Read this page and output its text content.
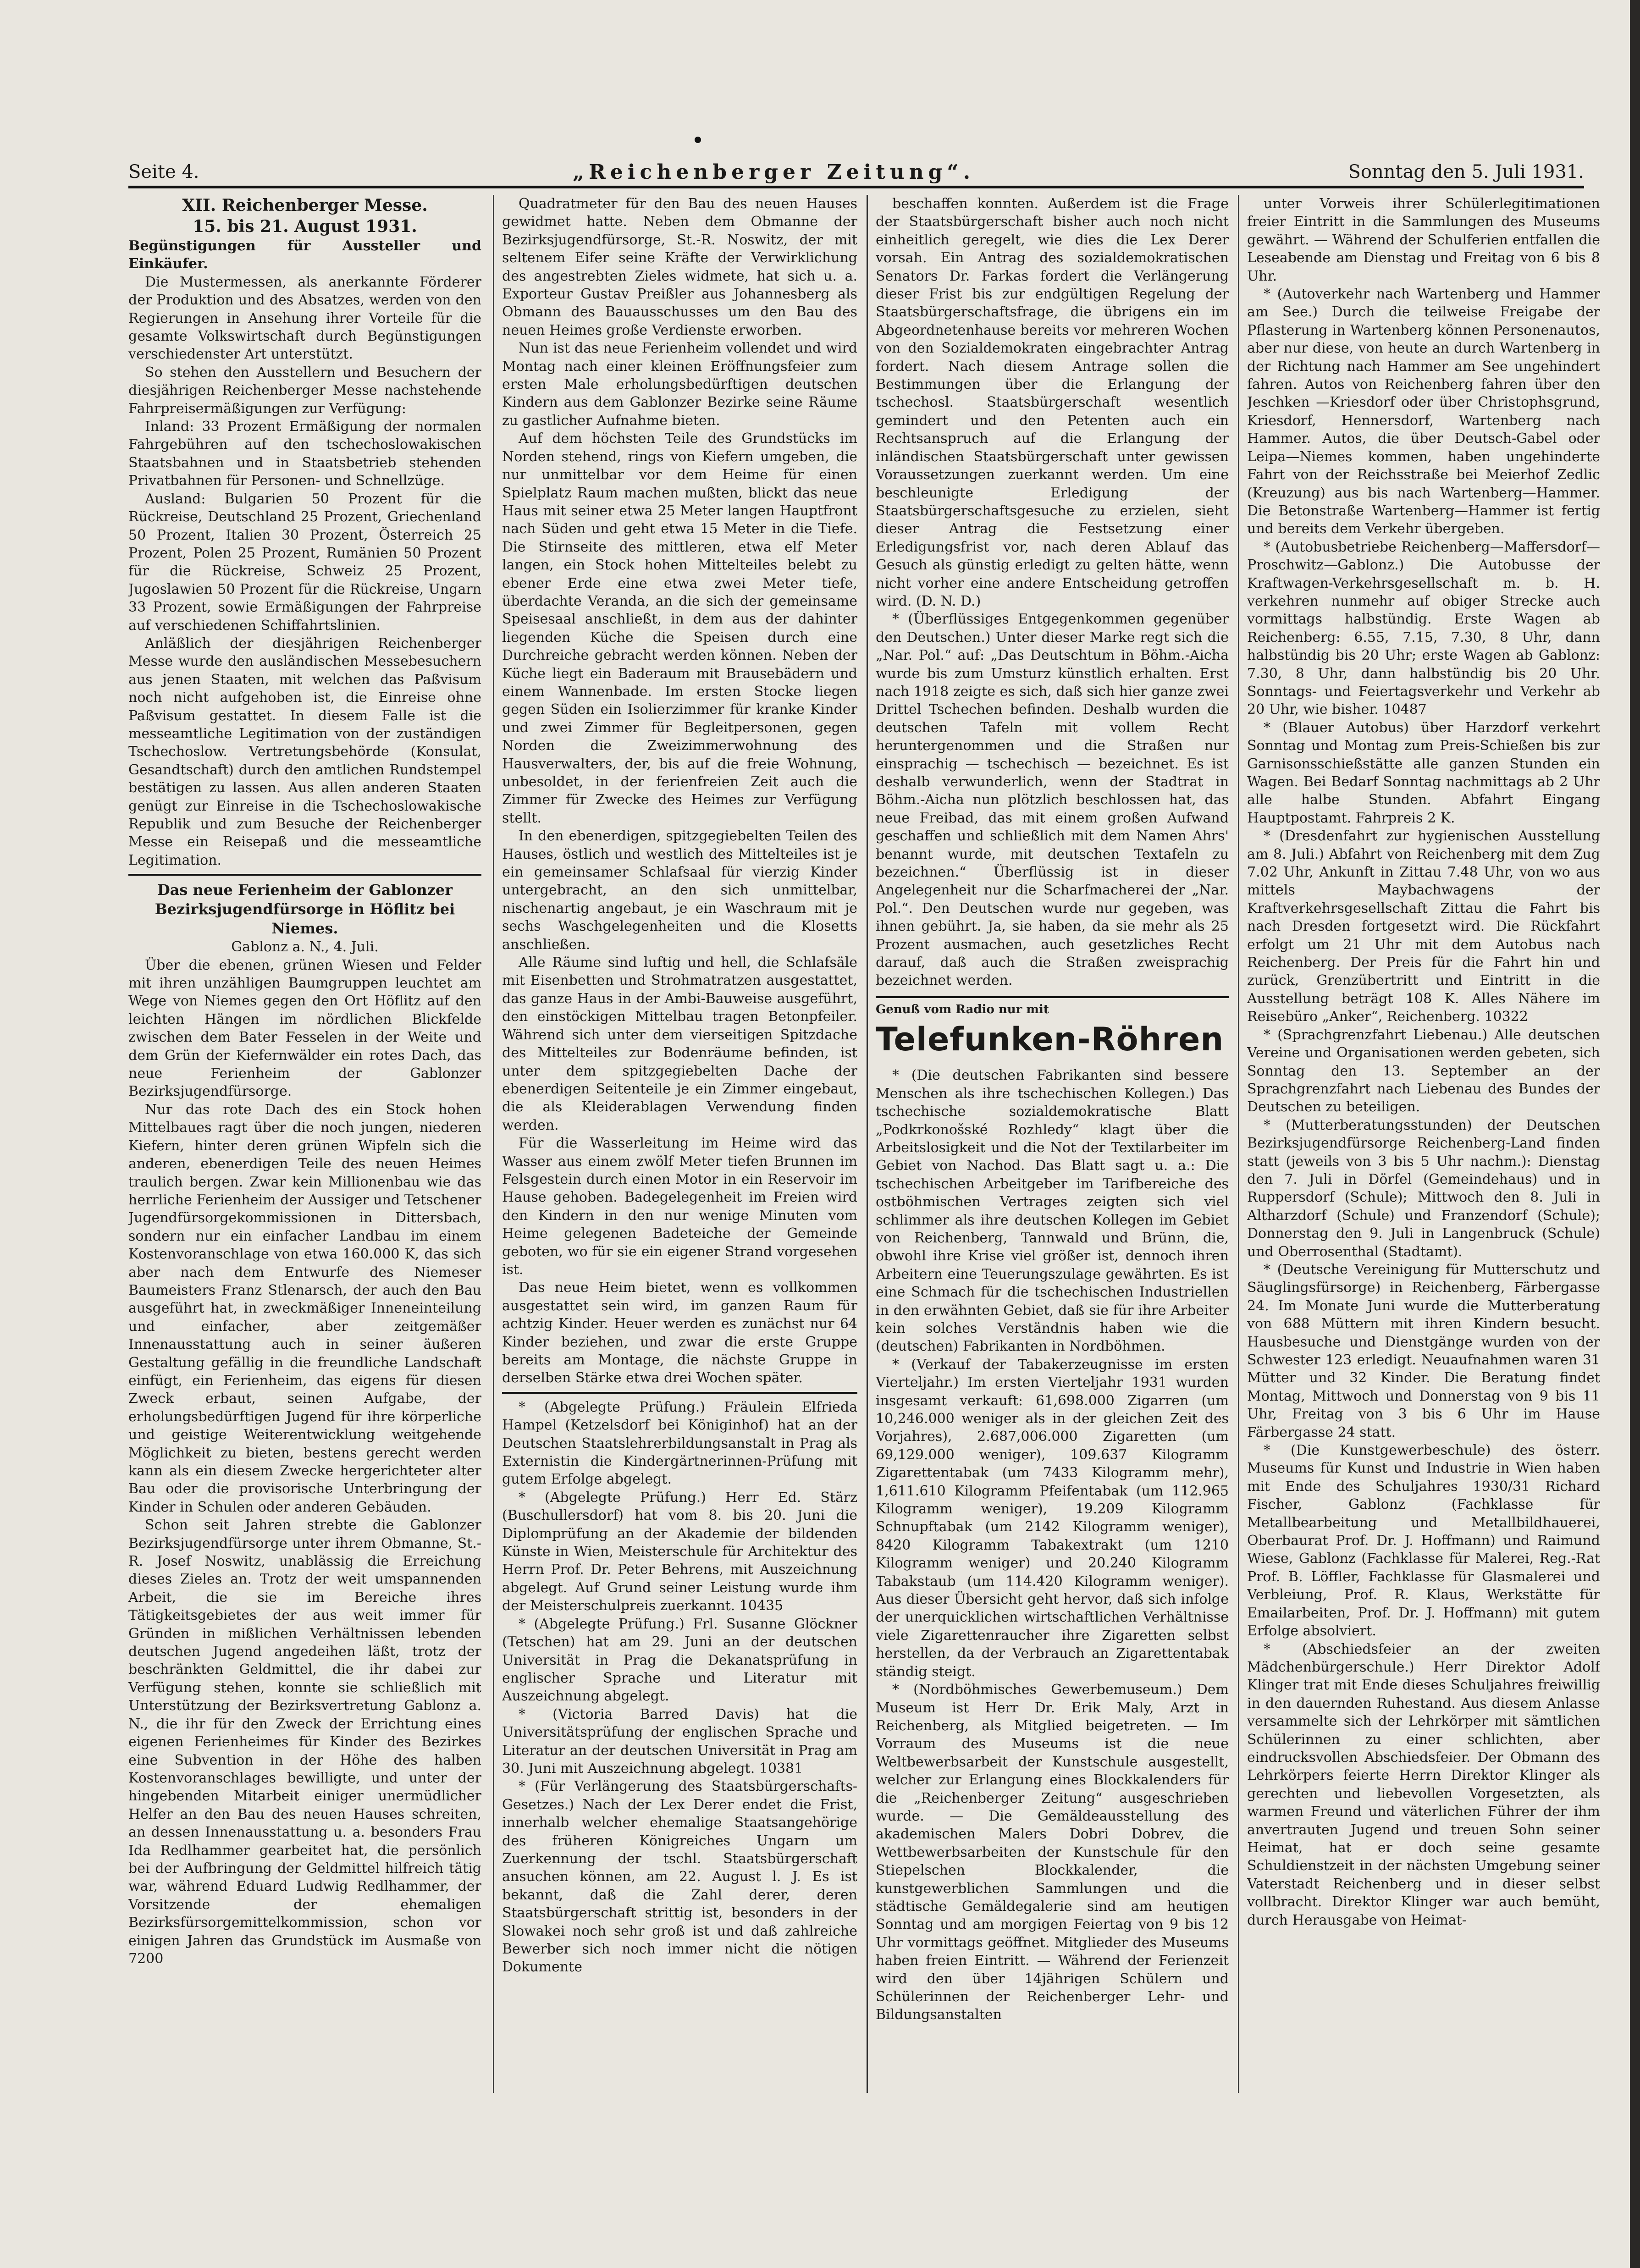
Seite 4.	„Reichenberger Zeitung“.	Sonntag den 5. Juli 1931.
XII. Reichenberger Messe.
15. bis 21. August 1931.

Begünstigungen für Aussteller und Einkäufer.

Die Mustermessen, als anerkannte Förderer der Produktion und des Absatzes, werden von den Regierungen in Ansehung ihrer Vorteile für die gesamte Volkswirtschaft durch Begünstigungen verschiedenster Art unterstützt.

So stehen den Ausstellern und Besuchern der diesjährigen Reichenberger Messe nachstehende Fahrpreisermäßigungen zur Verfügung:

Inland: 33 Prozent Ermäßigung der normalen Fahrgebühren auf den tschechoslowakischen Staatsbahnen und in Staatsbetrieb stehenden Privatbahnen für Personen- und Schnellzüge.

Ausland: Bulgarien 50 Prozent für die Rückreise, Deutschland 25 Prozent, Griechenland 50 Prozent, Italien 30 Prozent, Österreich 25 Prozent, Polen 25 Prozent, Rumänien 50 Prozent für die Rückreise, Schweiz 25 Prozent, Jugoslawien 50 Prozent für die Rückreise, Ungarn 33 Prozent, sowie Ermäßigungen der Fahrpreise auf verschiedenen Schiffahrtslinien.

Anläßlich der diesjährigen Reichenberger Messe wurde den ausländischen Messebesuchern aus jenen Staaten, mit welchen das Paßvisum noch nicht aufgehoben ist, die Einreise ohne Paßvisum gestattet. In diesem Falle ist die messeamtliche Legitimation von der zuständigen Tschechoslow. Vertretungsbehörde (Konsulat, Gesandtschaft) durch den amtlichen Rundstempel bestätigen zu lassen. Aus allen anderen Staaten genügt zur Einreise in die Tschechoslowakische Republik und zum Besuche der Reichenberger Messe ein Reisepaß und die messeamtliche Legitimation.

Das neue Ferienheim der Gablonzer Bezirksjugendfürsorge in Höflitz bei Niemes.

Gablonz a. N., 4. Juli.

Über die ebenen, grünen Wiesen und Felder mit ihren unzähligen Baumgruppen leuchtet am Wege von Niemes gegen den Ort Höflitz auf den leichten Hängen im nördlichen Blickfelde zwischen dem Bater Fesselen in der Weite und dem Grün der Kiefernwälder ein rotes Dach, das neue Ferienheim der Gablonzer Bezirksjugendfürsorge.

Nur das rote Dach des ein Stock hohen Mittelbaues ragt über die noch jungen, niederen Kiefern, hinter deren grünen Wipfeln sich die anderen, ebenerdigen Teile des neuen Heimes traulich bergen. Zwar kein Millionenbau wie das herrliche Ferienheim der Aussiger und Tetschener Jugendfürsorgekommissionen in Dittersbach, sondern nur ein einfacher Landbau im einem Kostenvoranschlage von etwa 160.000 K, das sich aber nach dem Entwurfe des Niemeser Baumeisters Franz Stlenarsch, der auch den Bau ausgeführt hat, in zweckmäßiger Inneneinteilung und einfacher, aber zeitgemäßer Innenausstattung auch in seiner äußeren Gestaltung gefällig in die freundliche Landschaft einfügt, ein Ferienheim, das eigens für diesen Zweck erbaut, seinen Aufgabe, der erholungsbedürftigen Jugend für ihre körperliche und geistige Weiterentwicklung weitgehende Möglichkeit zu bieten, bestens gerecht werden kann als ein diesem Zwecke hergerichteter alter Bau oder die provisorische Unterbringung der Kinder in Schulen oder anderen Gebäuden.

Schon seit Jahren strebte die Gablonzer Bezirksjugendfürsorge unter ihrem Obmanne, St.-R. Josef Noswitz, unablässig die Erreichung dieses Zieles an. Trotz der weit umspannenden Arbeit, die sie im Bereiche ihres Tätigkeitsgebietes der aus weit immer für Gründen in mißlichen Verhältnissen lebenden deutschen Jugend angedeihen läßt, trotz der beschränkten Geldmittel, die ihr dabei zur Verfügung stehen, konnte sie schließlich mit Unterstützung der Bezirksvertretung Gablonz a. N., die ihr für den Zweck der Errichtung eines eigenen Ferienheimes für Kinder des Bezirkes eine Subvention in der Höhe des halben Kostenvoranschlages bewilligte, und unter der hingebenden Mitarbeit einiger unermüdlicher Helfer an den Bau des neuen Hauses schreiten, an dessen Innenausstattung u. a. besonders Frau Ida Redlhammer gearbeitet hat, die persönlich bei der Aufbringung der Geldmittel hilfreich tätig war, während Eduard Ludwig Redlhammer, der Vorsitzende der ehemaligen Bezirksfürsorgemittelkommission, schon vor einigen Jahren das Grundstück im Ausmaße von 7200

Quadratmeter für den Bau des neuen Hauses gewidmet hatte. Neben dem Obmanne der Bezirksjugendfürsorge, St.-R. Noswitz, der mit seltenem Eifer seine Kräfte der Verwirklichung des angestrebten Zieles widmete, hat sich u. a. Exporteur Gustav Preißler aus Johannesberg als Obmann des Bauausschusses um den Bau des neuen Heimes große Verdienste erworben.

Nun ist das neue Ferienheim vollendet und wird Montag nach einer kleinen Eröffnungsfeier zum ersten Male erholungsbedürftigen deutschen Kindern aus dem Gablonzer Bezirke seine Räume zu gastlicher Aufnahme bieten.

Auf dem höchsten Teile des Grundstücks im Norden stehend, rings von Kiefern umgeben, die nur unmittelbar vor dem Heime für einen Spielplatz Raum machen mußten, blickt das neue Haus mit seiner etwa 25 Meter langen Hauptfront nach Süden und geht etwa 15 Meter in die Tiefe. Die Stirnseite des mittleren, etwa elf Meter langen, ein Stock hohen Mittelteiles belebt zu ebener Erde eine etwa zwei Meter tiefe, überdachte Veranda, an die sich der gemeinsame Speisesaal anschließt, in dem aus der dahinter liegenden Küche die Speisen durch eine Durchreiche gebracht werden können. Neben der Küche liegt ein Baderaum mit Brausebädern und einem Wannenbade. Im ersten Stocke liegen gegen Süden ein Isolierzimmer für kranke Kinder und zwei Zimmer für Begleitpersonen, gegen Norden die Zweizimmerwohnung des Hausverwalters, der, bis auf die freie Wohnung, unbesoldet, in der ferienfreien Zeit auch die Zimmer für Zwecke des Heimes zur Verfügung stellt.

In den ebenerdigen, spitzgegiebelten Teilen des Hauses, östlich und westlich des Mittelteiles ist je ein gemeinsamer Schlafsaal für vierzig Kinder untergebracht, an den sich unmittelbar, nischenartig angebaut, je ein Waschraum mit je sechs Waschgelegenheiten und die Klosetts anschließen.

Alle Räume sind luftig und hell, die Schlafsäle mit Eisenbetten und Strohmatratzen ausgestattet, das ganze Haus in der Ambi-Bauweise ausgeführt, den einstöckigen Mittelbau tragen Betonpfeiler. Während sich unter dem vierseitigen Spitzdache des Mittelteiles zur Bodenräume befinden, ist unter dem spitzgegiebelten Dache der ebenerdigen Seitenteile je ein Zimmer eingebaut, die als Kleiderablagen Verwendung finden werden.

Für die Wasserleitung im Heime wird das Wasser aus einem zwölf Meter tiefen Brunnen im Felsgestein durch einen Motor in ein Reservoir im Hause gehoben. Badegelegenheit im Freien wird den Kindern in den nur wenige Minuten vom Heime gelegenen Badeteiche der Gemeinde geboten, wo für sie ein eigener Strand vorgesehen ist.

Das neue Heim bietet, wenn es vollkommen ausgestattet sein wird, im ganzen Raum für achtzig Kinder. Heuer werden es zunächst nur 64 Kinder beziehen, und zwar die erste Gruppe bereits am Montage, die nächste Gruppe in derselben Stärke etwa drei Wochen später.

* (Abgelegte Prüfung.) Fräulein Elfrieda Hampel (Ketzelsdorf bei Königinhof) hat an der Deutschen Staatslehrerbildungsanstalt in Prag als Externistin die Kindergärtnerinnen-Prüfung mit gutem Erfolge abgelegt.

* (Abgelegte Prüfung.) Herr Ed. Stärz (Buschullersdorf) hat vom 8. bis 20. Juni die Diplomprüfung an der Akademie der bildenden Künste in Wien, Meisterschule für Architektur des Herrn Prof. Dr. Peter Behrens, mit Auszeichnung abgelegt. Auf Grund seiner Leistung wurde ihm der Meisterschulpreis zuerkannt. 10435

* (Abgelegte Prüfung.) Frl. Susanne Glöckner (Tetschen) hat am 29. Juni an der deutschen Universität in Prag die Dekanatsprüfung in englischer Sprache und Literatur mit Auszeichnung abgelegt.

* (Victoria Barred Davis) hat die Universitätsprüfung der englischen Sprache und Literatur an der deutschen Universität in Prag am 30. Juni mit Auszeichnung abgelegt. 10381

* (Für Verlängerung des Staatsbürgerschafts-Gesetzes.) Nach der Lex Derer endet die Frist, innerhalb welcher ehemalige Staatsangehörige des früheren Königreiches Ungarn um Zuerkennung der tschl. Staatsbürgerschaft ansuchen können, am 22. August l. J. Es ist bekannt, daß die Zahl derer, deren Staatsbürgerschaft strittig ist, besonders in der Slowakei noch sehr groß ist und daß zahlreiche Bewerber sich noch immer nicht die nötigen Dokumente

beschaffen konnten. Außerdem ist die Frage der Staatsbürgerschaft bisher auch noch nicht einheitlich geregelt, wie dies die Lex Derer vorsah. Ein Antrag des sozialdemokratischen Senators Dr. Farkas fordert die Verlängerung dieser Frist bis zur endgültigen Regelung der Staatsbürgerschaftsfrage, die übrigens ein im Abgeordnetenhause bereits vor mehreren Wochen von den Sozialdemokraten eingebrachter Antrag fordert. Nach diesem Antrage sollen die Bestimmungen über die Erlangung der tschechosl. Staatsbürgerschaft wesentlich gemindert und den Petenten auch ein Rechtsanspruch auf die Erlangung der inländischen Staatsbürgerschaft unter gewissen Voraussetzungen zuerkannt werden. Um eine beschleunigte Erledigung der Staatsbürgerschaftsgesuche zu erzielen, sieht dieser Antrag die Festsetzung einer Erledigungsfrist vor, nach deren Ablauf das Gesuch als günstig erledigt zu gelten hätte, wenn nicht vorher eine andere Entscheidung getroffen wird. (D. N. D.)

* (Überflüssiges Entgegenkommen gegenüber den Deutschen.) Unter dieser Marke regt sich die „Nar. Pol.“ auf: „Das Deutschtum in Böhm.-Aicha wurde bis zum Umsturz künstlich erhalten. Erst nach 1918 zeigte es sich, daß sich hier ganze zwei Drittel Tschechen befinden. Deshalb wurden die deutschen Tafeln mit vollem Recht heruntergenommen und die Straßen nur einsprachig — tschechisch — bezeichnet. Es ist deshalb verwunderlich, wenn der Stadtrat in Böhm.-Aicha nun plötzlich beschlossen hat, das neue Freibad, das mit einem großen Aufwand geschaffen und schließlich mit dem Namen Ahrs' benannt wurde, mit deutschen Textafeln zu bezeichnen.“ Überflüssig ist in dieser Angelegenheit nur die Scharfmacherei der „Nar. Pol.“. Den Deutschen wurde nur gegeben, was ihnen gebührt. Ja, sie haben, da sie mehr als 25 Prozent ausmachen, auch gesetzliches Recht darauf, daß auch die Straßen zweisprachig bezeichnet werden.

Genuß vom Radio nur mit
Telefunken-Röhren

* (Die deutschen Fabrikanten sind bessere Menschen als ihre tschechischen Kollegen.) Das tschechische sozialdemokratische Blatt „Podkrkonošské Rozhledy“ klagt über die Arbeitslosigkeit und die Not der Textilarbeiter im Gebiet von Nachod. Das Blatt sagt u. a.: Die tschechischen Arbeitgeber im Tarifbereiche des ostböhmischen Vertrages zeigten sich viel schlimmer als ihre deutschen Kollegen im Gebiet von Reichenberg, Tannwald und Brünn, die, obwohl ihre Krise viel größer ist, dennoch ihren Arbeitern eine Teuerungszulage gewährten. Es ist eine Schmach für die tschechischen Industriellen in den erwähnten Gebiet, daß sie für ihre Arbeiter kein solches Verständnis haben wie die (deutschen) Fabrikanten in Nordböhmen.

* (Verkauf der Tabakerzeugnisse im ersten Vierteljahr.) Im ersten Vierteljahr 1931 wurden insgesamt verkauft: 61,698.000 Zigarren (um 10,246.000 weniger als in der gleichen Zeit des Vorjahres), 2.687,006.000 Zigaretten (um 69,129.000 weniger), 109.637 Kilogramm Zigarettentabak (um 7433 Kilogramm mehr), 1,611.610 Kilogramm Pfeifentabak (um 112.965 Kilogramm weniger), 19.209 Kilogramm Schnupftabak (um 2142 Kilogramm weniger), 8420 Kilogramm Tabakextrakt (um 1210 Kilogramm weniger) und 20.240 Kilogramm Tabakstaub (um 114.420 Kilogramm weniger). Aus dieser Übersicht geht hervor, daß sich infolge der unerquicklichen wirtschaftlichen Verhältnisse viele Zigarettenraucher ihre Zigaretten selbst herstellen, da der Verbrauch an Zigarettentabak ständig steigt.

* (Nordböhmisches Gewerbemuseum.) Dem Museum ist Herr Dr. Erik Maly, Arzt in Reichenberg, als Mitglied beigetreten. — Im Vorraum des Museums ist die neue Weltbewerbsarbeit der Kunstschule ausgestellt, welcher zur Erlangung eines Blockkalenders für die „Reichenberger Zeitung“ ausgeschrieben wurde. — Die Gemäldeausstellung des akademischen Malers Dobri Dobrev, die Wettbewerbsarbeiten der Kunstschule für den Stiepelschen Blockkalender, die kunstgewerblichen Sammlungen und die städtische Gemäldegalerie sind am heutigen Sonntag und am morgigen Feiertag von 9 bis 12 Uhr vormittags geöffnet. Mitglieder des Museums haben freien Eintritt. — Während der Ferienzeit wird den über 14jährigen Schülern und Schülerinnen der Reichenberger Lehr- und Bildungsanstalten

unter Vorweis ihrer Schülerlegitimationen freier Eintritt in die Sammlungen des Museums gewährt. — Während der Schulferien entfallen die Leseabende am Dienstag und Freitag von 6 bis 8 Uhr.

* (Autoverkehr nach Wartenberg und Hammer am See.) Durch die teilweise Freigabe der Pflasterung in Wartenberg können Personenautos, aber nur diese, von heute an durch Wartenberg in der Richtung nach Hammer am See ungehindert fahren. Autos von Reichenberg fahren über den Jeschken —Kriesdorf oder über Christophsgrund, Kriesdorf, Hennersdorf, Wartenberg nach Hammer. Autos, die über Deutsch-Gabel oder Leipa—Niemes kommen, haben ungehinderte Fahrt von der Reichsstraße bei Meierhof Zedlic (Kreuzung) aus bis nach Wartenberg—Hammer. Die Betonstraße Wartenberg—Hammer ist fertig und bereits dem Verkehr übergeben.

* (Autobusbetriebe Reichenberg—Maffersdorf—Proschwitz—Gablonz.) Die Autobusse der Kraftwagen-Verkehrsgesellschaft m. b. H. verkehren nunmehr auf obiger Strecke auch vormittags halbstündig. Erste Wagen ab Reichenberg: 6.55, 7.15, 7.30, 8 Uhr, dann halbstündig bis 20 Uhr; erste Wagen ab Gablonz: 7.30, 8 Uhr, dann halbstündig bis 20 Uhr. Sonntags- und Feiertagsverkehr und Verkehr ab 20 Uhr, wie bisher. 10487

* (Blauer Autobus) über Harzdorf verkehrt Sonntag und Montag zum Preis-Schießen bis zur Garnisonsschießstätte alle ganzen Stunden ein Wagen. Bei Bedarf Sonntag nachmittags ab 2 Uhr alle halbe Stunden. Abfahrt Eingang Hauptpostamt. Fahrpreis 2 K.

* (Dresdenfahrt zur hygienischen Ausstellung am 8. Juli.) Abfahrt von Reichenberg mit dem Zug 7.02 Uhr, Ankunft in Zittau 7.48 Uhr, von wo aus mittels Maybachwagens der Kraftverkehrsgesellschaft Zittau die Fahrt bis nach Dresden fortgesetzt wird. Die Rückfahrt erfolgt um 21 Uhr mit dem Autobus nach Reichenberg. Der Preis für die Fahrt hin und zurück, Grenzübertritt und Eintritt in die Ausstellung beträgt 108 K. Alles Nähere im Reisebüro „Anker“, Reichenberg. 10322

* (Sprachgrenzfahrt Liebenau.) Alle deutschen Vereine und Organisationen werden gebeten, sich Sonntag den 13. September an der Sprachgrenzfahrt nach Liebenau des Bundes der Deutschen zu beteiligen.

* (Mutterberatungsstunden) der Deutschen Bezirksjugendfürsorge Reichenberg-Land finden statt (jeweils von 3 bis 5 Uhr nachm.): Dienstag den 7. Juli in Dörfel (Gemeindehaus) und in Ruppersdorf (Schule); Mittwoch den 8. Juli in Altharzdorf (Schule) und Franzendorf (Schule); Donnerstag den 9. Juli in Langenbruck (Schule) und Oberrosenthal (Stadtamt).

* (Deutsche Vereinigung für Mutterschutz und Säuglingsfürsorge) in Reichenberg, Färbergasse 24. Im Monate Juni wurde die Mutterberatung von 688 Müttern mit ihren Kindern besucht. Hausbesuche und Dienstgänge wurden von der Schwester 123 erledigt. Neuaufnahmen waren 31 Mütter und 32 Kinder. Die Beratung findet Montag, Mittwoch und Donnerstag von 9 bis 11 Uhr, Freitag von 3 bis 6 Uhr im Hause Färbergasse 24 statt.

* (Die Kunstgewerbeschule) des österr. Museums für Kunst und Industrie in Wien haben mit Ende des Schuljahres 1930/31 Richard Fischer, Gablonz (Fachklasse für Metallbearbeitung und Metallbildhauerei, Oberbaurat Prof. Dr. J. Hoffmann) und Raimund Wiese, Gablonz (Fachklasse für Malerei, Reg.-Rat Prof. B. Löffler, Fachklasse für Glasmalerei und Verbleiung, Prof. R. Klaus, Werkstätte für Emailarbeiten, Prof. Dr. J. Hoffmann) mit gutem Erfolge absolviert.

* (Abschiedsfeier an der zweiten Mädchenbürgerschule.) Herr Direktor Adolf Klinger trat mit Ende dieses Schuljahres freiwillig in den dauernden Ruhestand. Aus diesem Anlasse versammelte sich der Lehrkörper mit sämtlichen Schülerinnen zu einer schlichten, aber eindrucksvollen Abschiedsfeier. Der Obmann des Lehrkörpers feierte Herrn Direktor Klinger als gerechten und liebevollen Vorgesetzten, als warmen Freund und väterlichen Führer der ihm anvertrauten Jugend und treuen Sohn seiner Heimat, hat er doch seine gesamte Schuldienstzeit in der nächsten Umgebung seiner Vaterstadt Reichenberg und in dieser selbst vollbracht. Direktor Klinger war auch bemüht, durch Herausgabe von Heimat-
